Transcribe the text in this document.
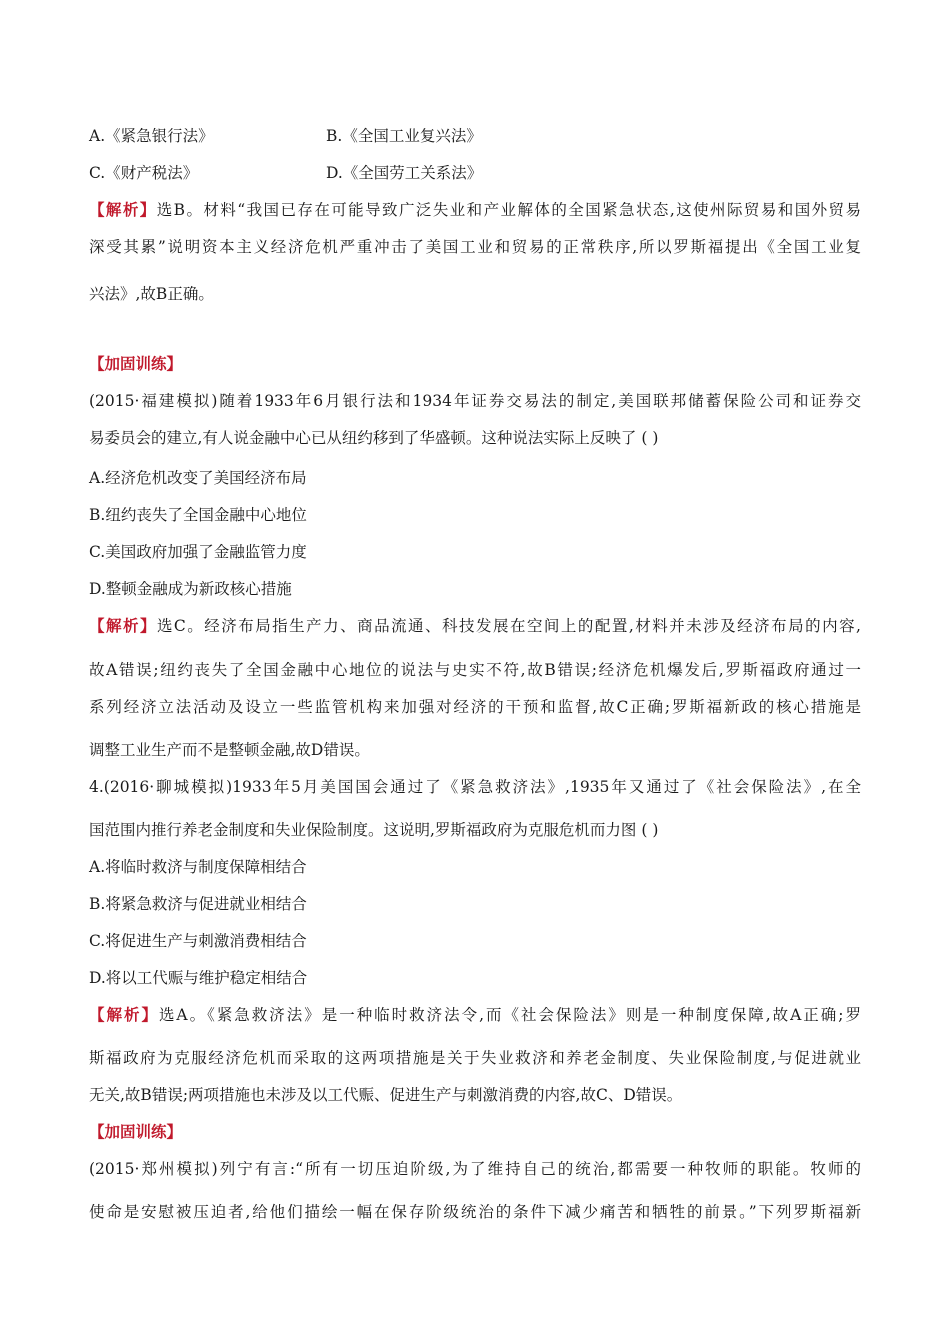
A.《紧急银行法》	B.《全国工业复兴法》
C.《财产税法》	D.《全国劳工关系法》
【解析】选B。材料“我国已存在可能导致广泛失业和产业解体的全国紧急状态,这使州际贸易和国外贸易
深受其累”说明资本主义经济危机严重冲击了美国工业和贸易的正常秩序,所以罗斯福提出《全国工业复
兴法》,故B正确。
【加固训练】
(2015·福建模拟)随着1933年6月银行法和1934年证券交易法的制定,美国联邦储蓄保险公司和证券交
易委员会的建立,有人说金融中心已从纽约移到了华盛顿。这种说法实际上反映了 ( )
A.经济危机改变了美国经济布局
B.纽约丧失了全国金融中心地位
C.美国政府加强了金融监管力度
D.整顿金融成为新政核心措施
【解析】选C。经济布局指生产力、商品流通、科技发展在空间上的配置,材料并未涉及经济布局的内容,
故A错误;纽约丧失了全国金融中心地位的说法与史实不符,故B错误;经济危机爆发后,罗斯福政府通过一
系列经济立法活动及设立一些监管机构来加强对经济的干预和监督,故C正确;罗斯福新政的核心措施是
调整工业生产而不是整顿金融,故D错误。
4.(2016·聊城模拟)1933年5月美国国会通过了《紧急救济法》,1935年又通过了《社会保险法》,在全
国范围内推行养老金制度和失业保险制度。这说明,罗斯福政府为克服危机而力图 ( )
A.将临时救济与制度保障相结合
B.将紧急救济与促进就业相结合
C.将促进生产与刺激消费相结合
D.将以工代赈与维护稳定相结合
【解析】选A。《紧急救济法》是一种临时救济法令,而《社会保险法》则是一种制度保障,故A正确;罗
斯福政府为克服经济危机而采取的这两项措施是关于失业救济和养老金制度、失业保险制度,与促进就业
无关,故B错误;两项措施也未涉及以工代赈、促进生产与刺激消费的内容,故C、D错误。
【加固训练】
(2015·郑州模拟)列宁有言:“所有一切压迫阶级,为了维持自己的统治,都需要一种牧师的职能。牧师的
使命是安慰被压迫者,给他们描绘一幅在保存阶级统治的条件下减少痛苦和牺牲的前景。”下列罗斯福新
